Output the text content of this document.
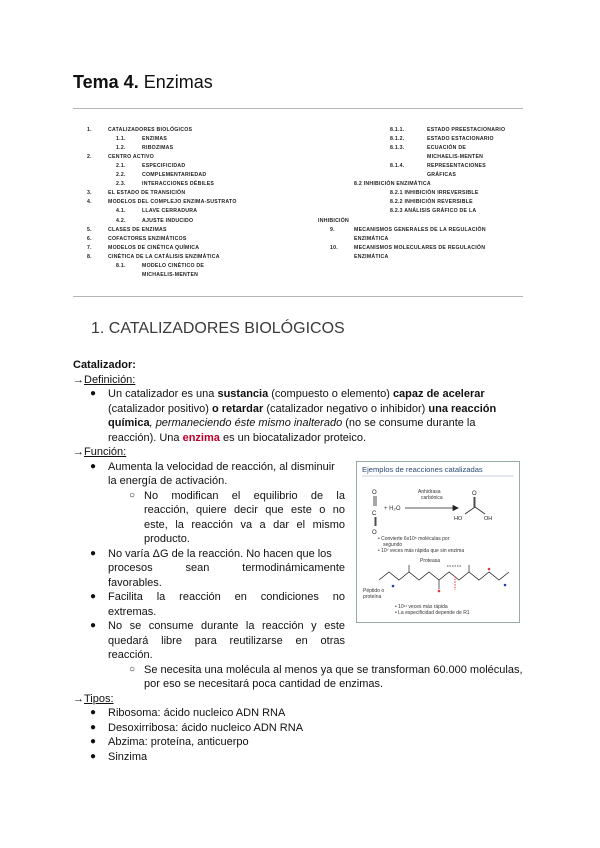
Tema 4. Enzimas
1.	CATALIZADORES BIOLÓGICOS
1.1.	ENZIMAS
1.2.	RIBOZIMAS
2.	CENTRO ACTIVO
2.1.	ESPECIFICIDAD
2.2.	COMPLEMENTARIEDAD
2.3.	INTERACCIONES DÉBILES
3.	EL ESTADO DE TRANSICIÓN
4.	MODELOS DEL COMPLEJO ENZIMA-SUSTRATO
4.1.	LLAVE CERRADURA
4.2.	AJUSTE INDUCIDO
5.	CLASES DE ENZIMAS
6.	COFACTORES ENZIMÁTICOS
7.	MODELOS DE CINÉTICA QUÍMICA
8.	CINÉTICA DE LA CATÁLISIS ENZIMÁTICA
8.1.	MODELO CINÉTICO DE
MICHAELIS-MENTEN
8.1.1.	ESTADO PREESTACIONARIO
8.1.2.	ESTADO ESTACIONARIO
8.1.3.	ECUACIÓN DE
MICHAELIS-MENTEN
8.1.4.	REPRESENTACIONES
GRÁFICAS
8.2 INHIBICIÓN ENZIMÁTICA
8.2.1 INHIBICIÓN IRREVERSIBLE
8.2.2 INHIBICIÓN REVERSIBLE
8.2.3 ANÁLISIS GRÁFICO DE LA
INHIBICIÓN
9.	MECANISMOS GENERALES DE LA REGULACIÓN
ENZIMÁTICA
10.	MECANISMOS MOLECULARES DE REGULACIÓN
ENZIMÁTICA
1. CATALIZADORES BIOLÓGICOS
Catalizador:
→Definición:
● Un catalizador es una sustancia (compuesto o elemento) capaz de acelerar
(catalizador positivo) o retardar (catalizador negativo o inhibidor) una reacción
química, permaneciendo éste mismo inalterado (no se consume durante la
reacción). Una enzima es un biocatalizador proteico.
→Función:
● Aumenta la velocidad de reacción, al disminuir
la energía de activación.
○ No modifican el equilibrio de la
reacción, quiere decir que este o no
este, la reacción va a dar el mismo
producto.
● No varía ΔG de la reacción. No hacen que los
procesos sean termodinámicamente
favorables.
● Facilita la reacción en condiciones no
extremas.
● No se consume durante la reacción y este
quedará libre para reutilizarse en otras
reacción.
○ Se necesita una molécula al menos ya que se transforman 60.000 moléculas,
por eso se necesitará poca cantidad de enzimas.
→Tipos:
● Ribosoma: ácido nucleico ADN RNA
● Desoxirribosa: ácido nucleico ADN RNA
● Abzima: proteína, anticuerpo
● Sinzima
Ejemplos de reacciones catalizadas
O
C
O
O
HO	OH
Anhidrasa
carbónica
+ H₂O
• Convierte 6x10⁵ moléculas por
segundo
• 10⁷ veces más rápida que sin enzima
Proteasa
Péptido o
proteína
• 10¹¹ veces más rápida
• La especificidad depende de R1
